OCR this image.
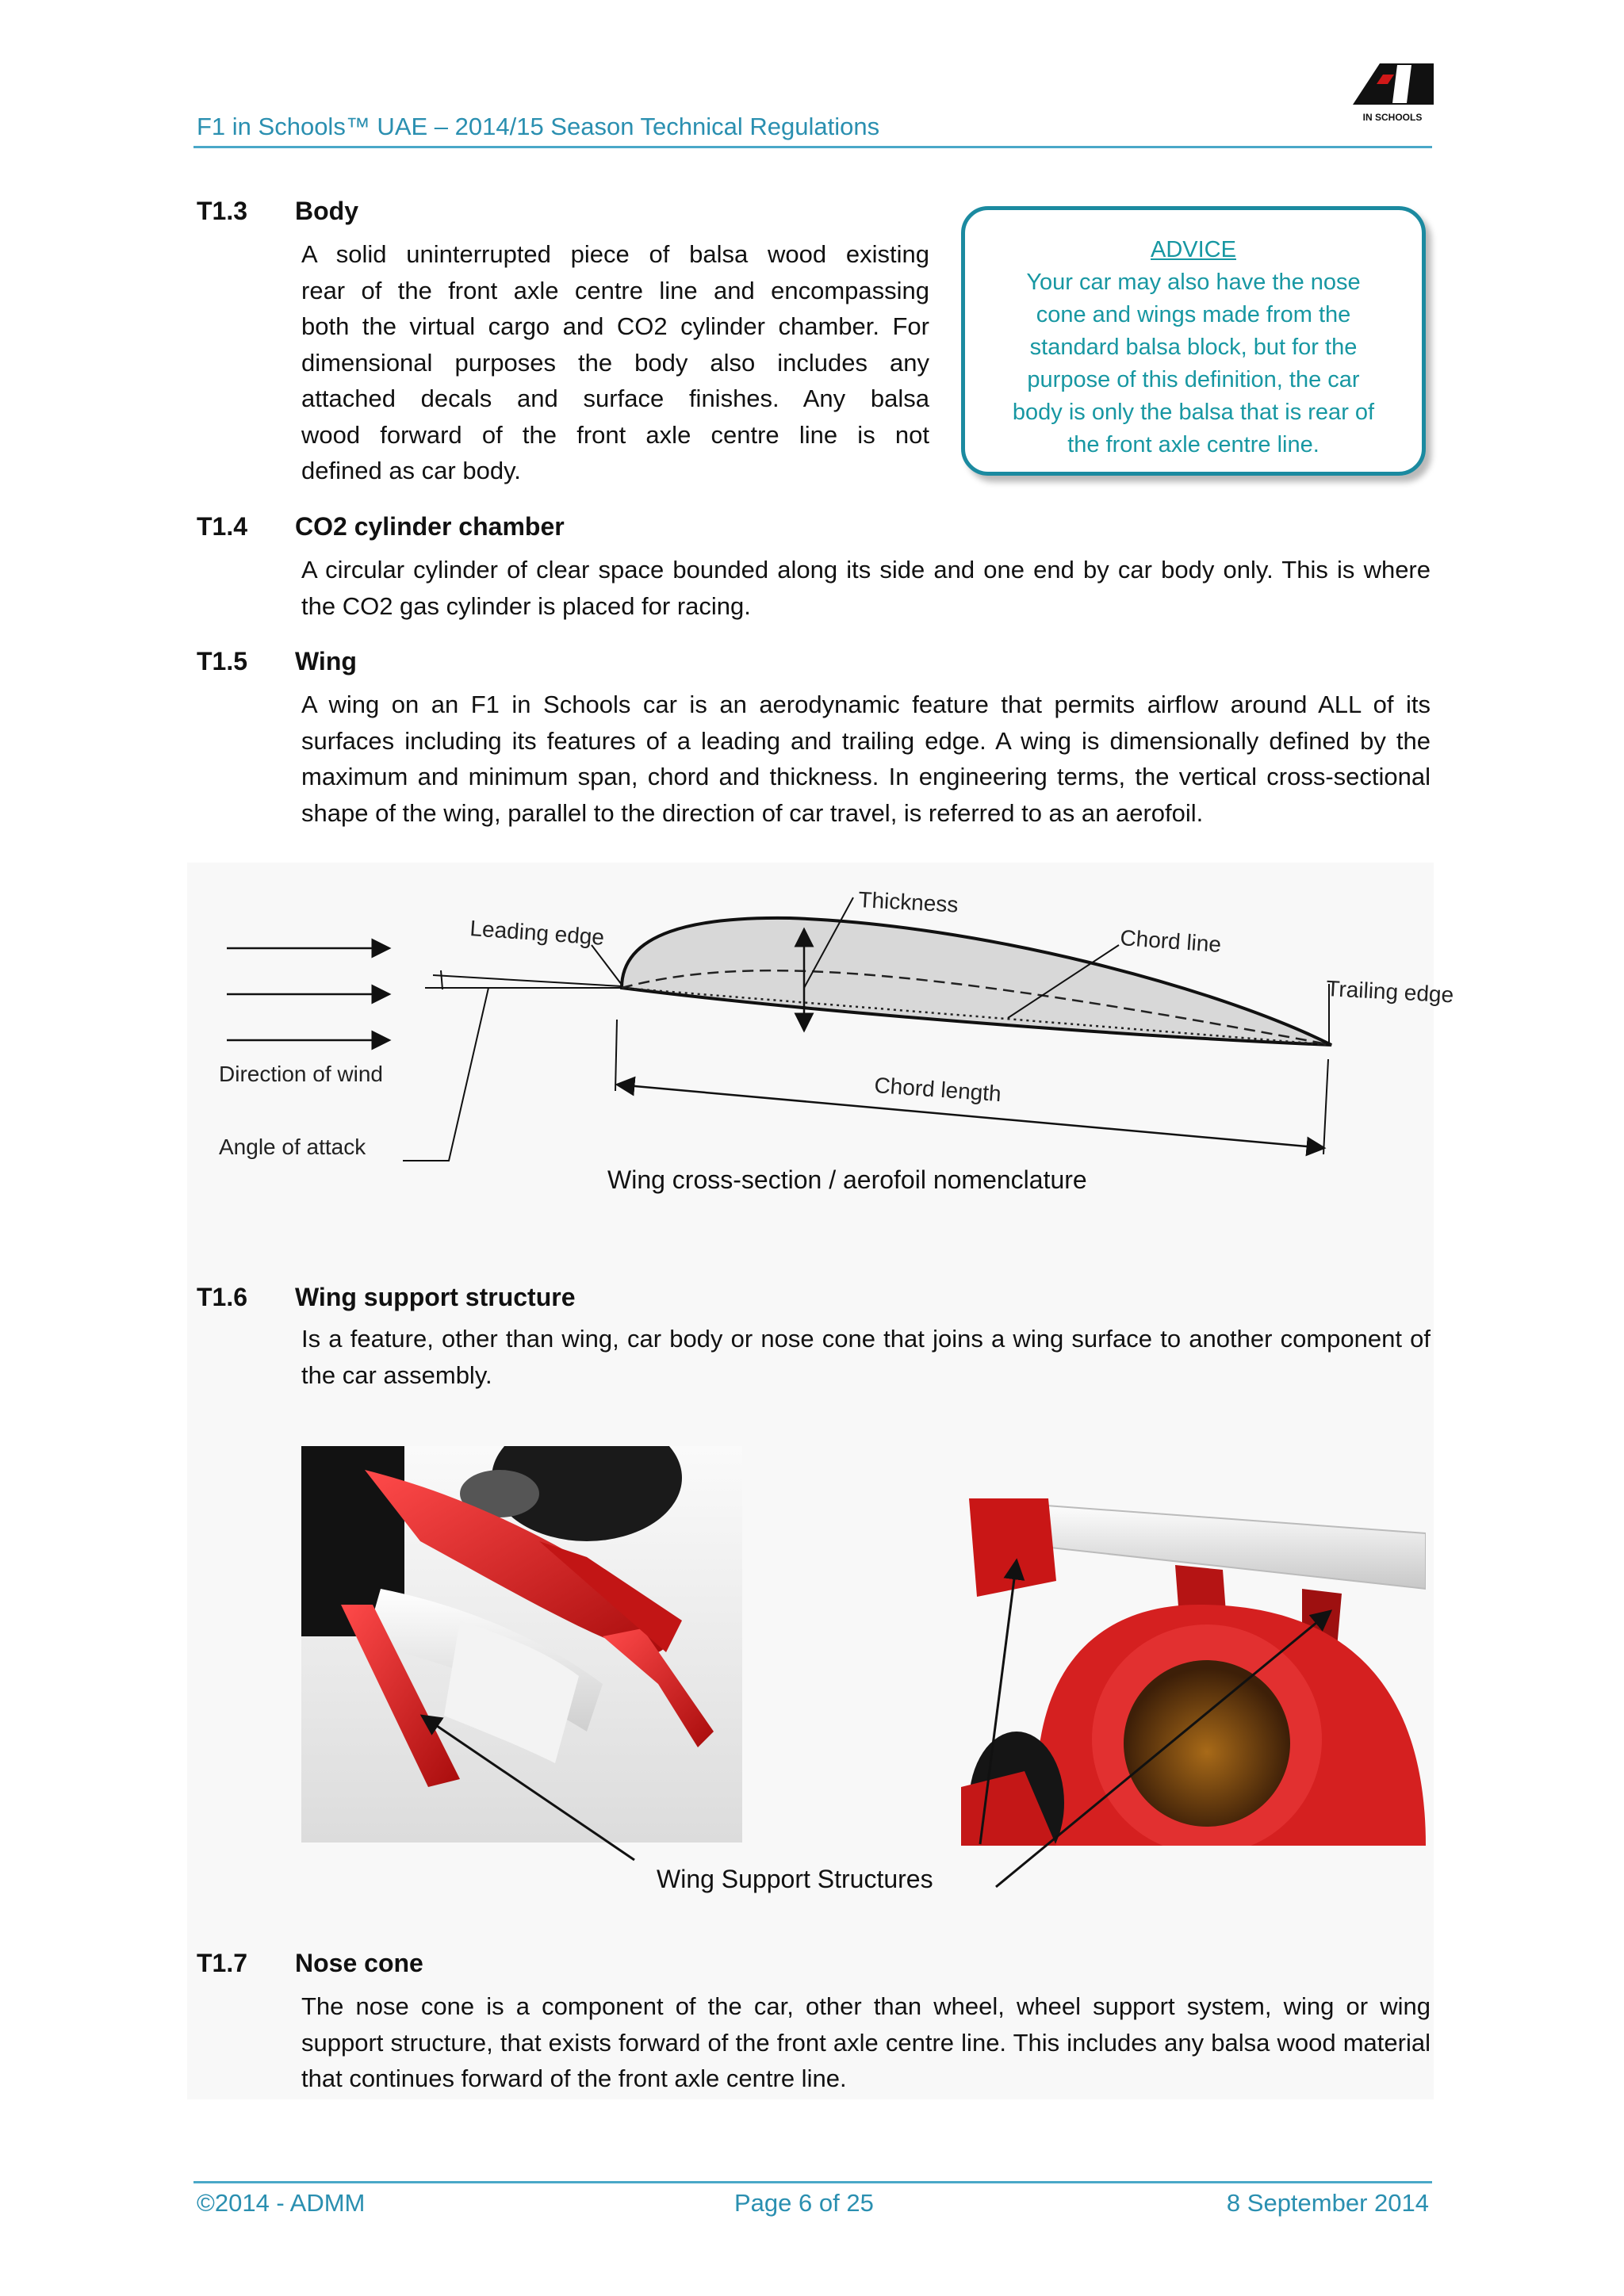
F1 in Schools™ UAE – 2014/15 Season Technical Regulations	IN SCHOOLS
T1.3 Body
A solid uninterrupted piece of balsa wood existing
rear of the front axle centre line and encompassing
both the virtual cargo and CO2 cylinder chamber. For
dimensional purposes the body also includes any
attached decals and surface finishes. Any balsa
wood forward of the front axle centre line is not
defined as car body.
ADVICE
Your car may also have the nose
cone and wings made from the
standard balsa block, but for the
purpose of this definition, the car
body is only the balsa that is rear of
the front axle centre line.
T1.4 CO2 cylinder chamber
A circular cylinder of clear space bounded along its side and one end by car body only. This is where the CO2 gas cylinder is placed for racing.
T1.5 Wing
A wing on an F1 in Schools car is an aerodynamic feature that permits airflow around ALL of its surfaces including its features of a leading and trailing edge. A wing is dimensionally defined by the maximum and minimum span, chord and thickness. In engineering terms, the vertical cross-sectional shape of the wing, parallel to the direction of car travel, is referred to as an aerofoil.
Leading edge
Thickness
Chord line
Trailing edge
Direction of wind
Angle of attack
Chord length
Wing cross-section / aerofoil nomenclature
T1.6 Wing support structure
Is a feature, other than wing, car body or nose cone that joins a wing surface to another component of the car assembly.
Wing Support Structures
T1.7 Nose cone
The nose cone is a component of the car, other than wheel, wheel support system, wing or wing support structure, that exists forward of the front axle centre line. This includes any balsa wood material that continues forward of the front axle centre line.
©2014 - ADMM	Page 6 of 25	8 September 2014
